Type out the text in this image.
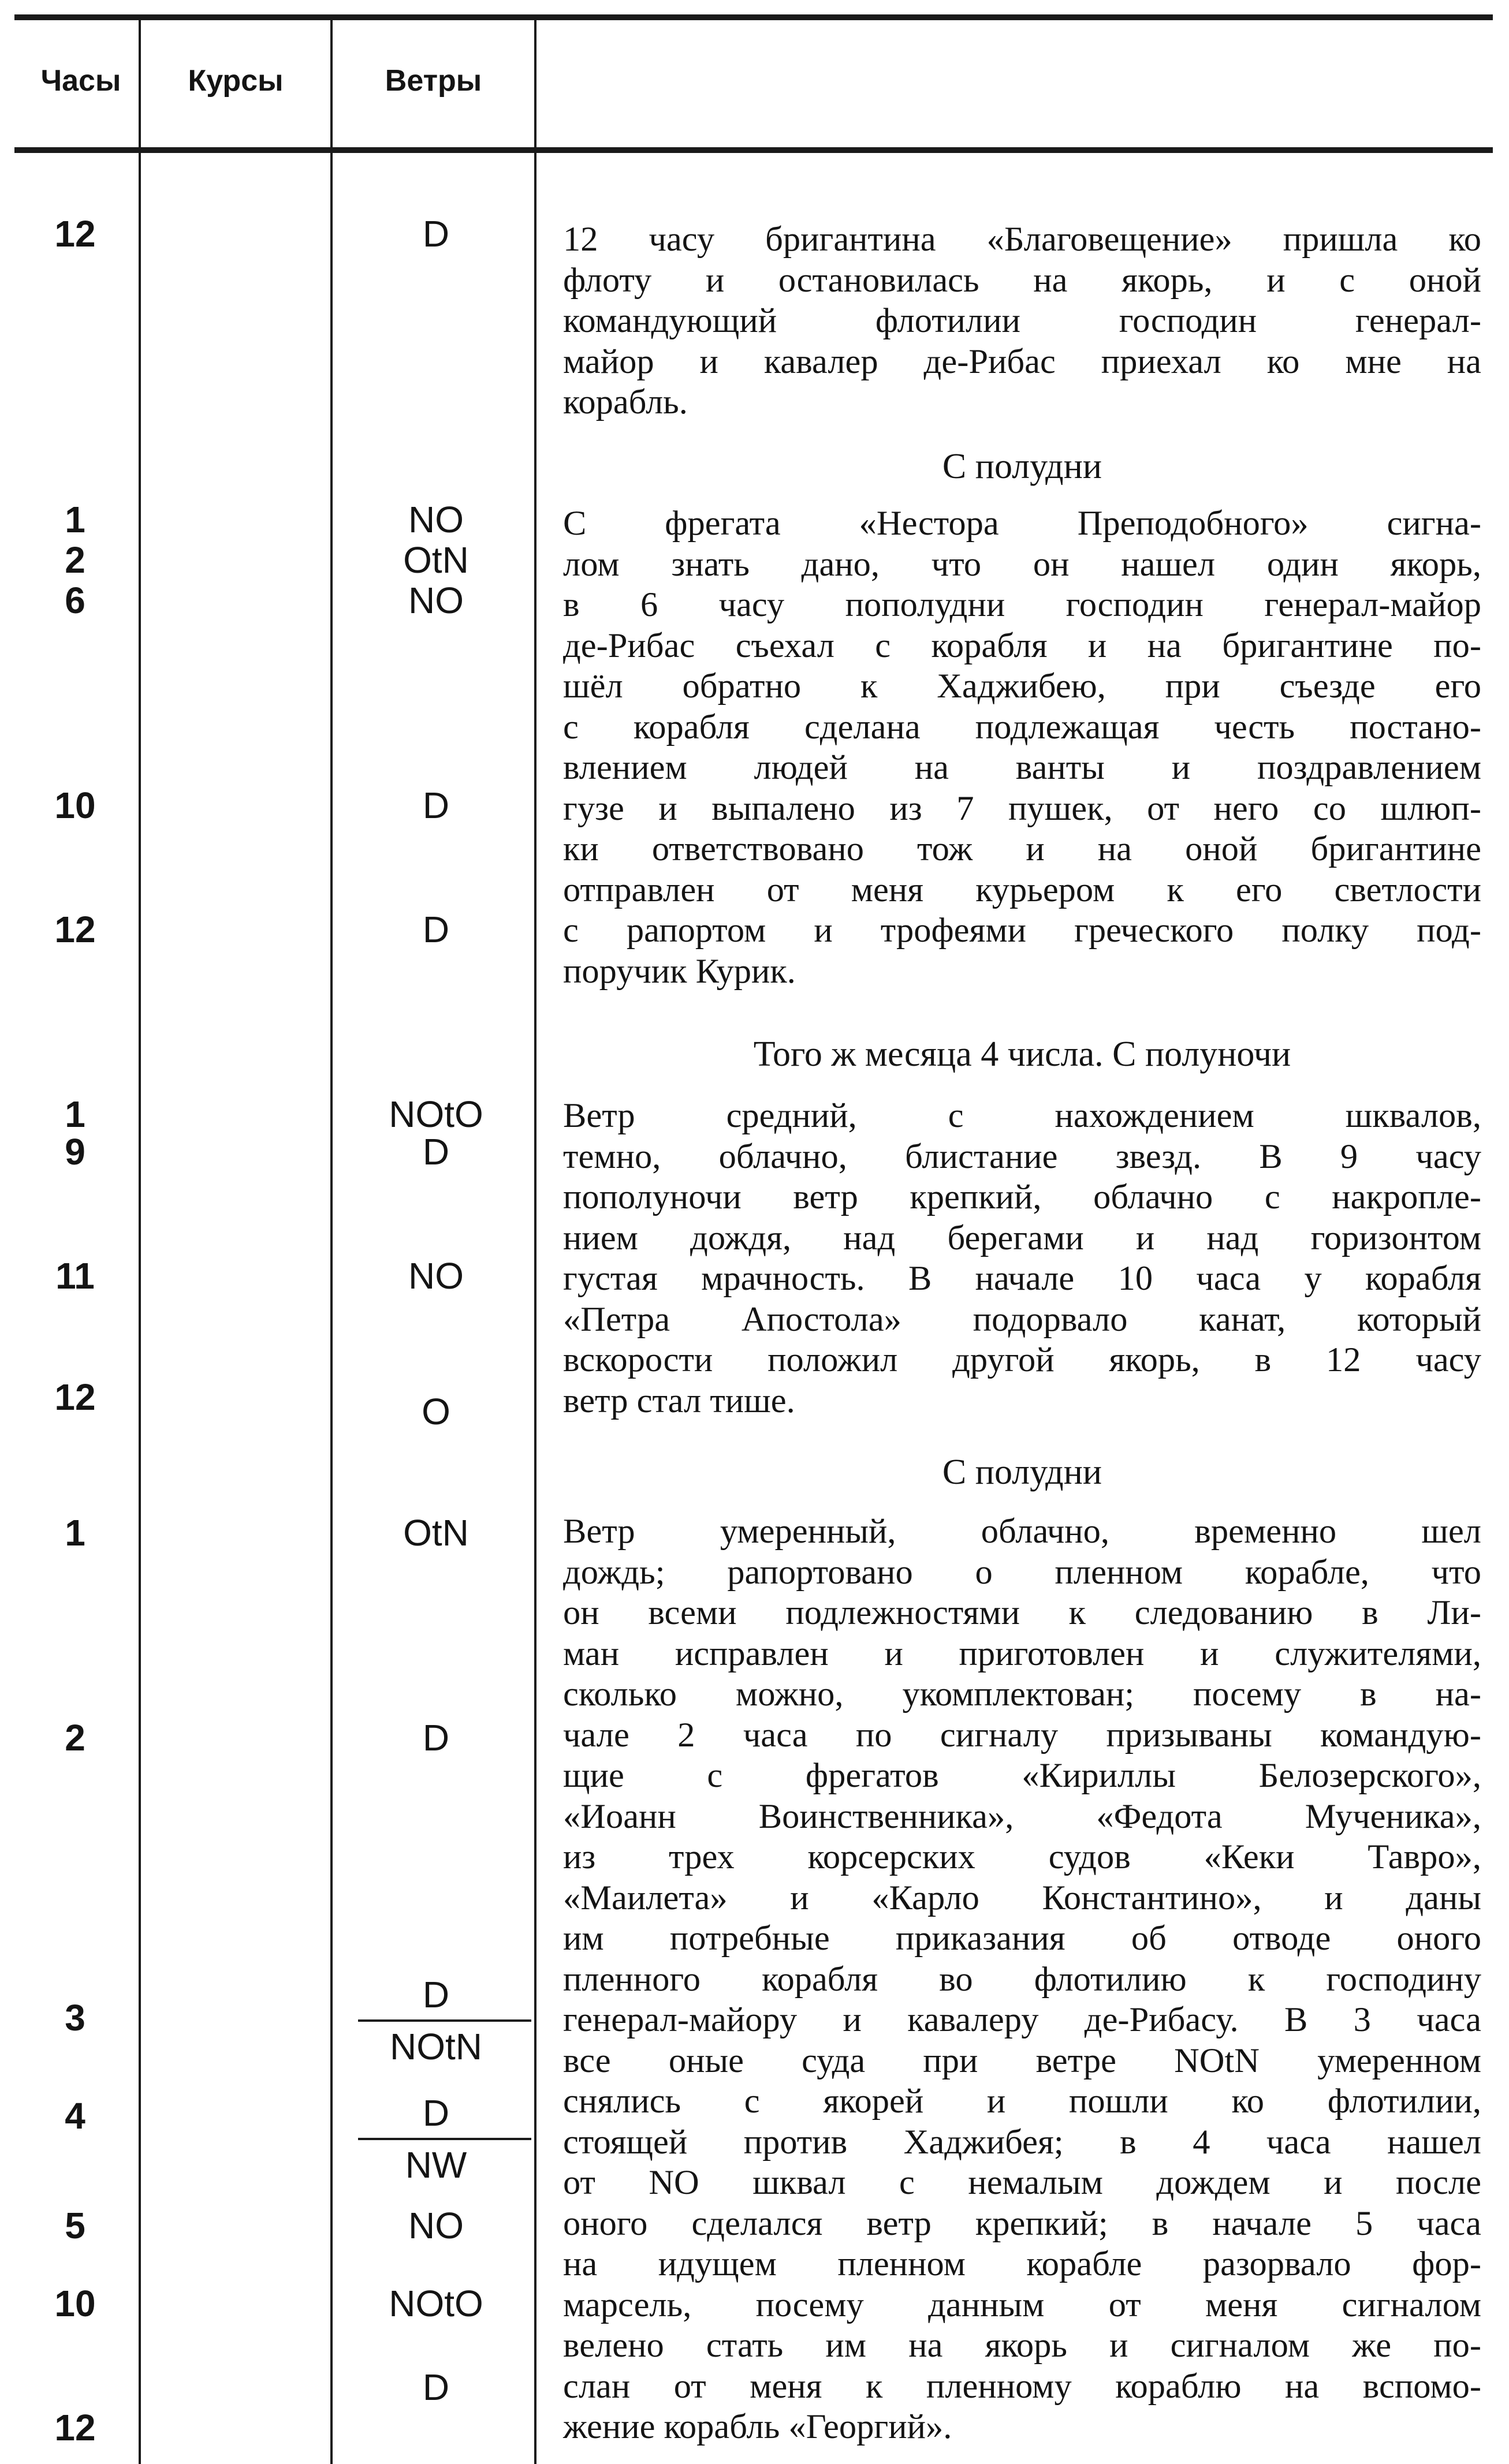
Часы	Курсы	Ветры
12
1
2
6
10
12
1
9
11
12
1
2
3
4
5
10
12
D
NO
OtN
NO
D
D
NOtO
D
NO
O
OtN
D
D
NOtN
D
NW
NO
NOtO
D

12 часу бригантина «Благовещение» пришла ко

флоту и остановилась на якорь, и с оной

командующий флотилии господин генерал-

майор и кавалер де-Рибас приехал ко мне на

корабль.

С полудни

С фрегата «Нестора Преподобного» сигна-

лом знать дано, что он нашел один якорь,

в 6 часу пополудни господин генерал-майор

де-Рибас съехал с корабля и на бригантине по-

шёл обратно к Хаджибею, при съезде его

с корабля сделана подлежащая честь постано-

влением людей на ванты и поздравлением

гузе и выпалено из 7 пушек, от него со шлюп-

ки ответствовано тож и на оной бригантине

отправлен от меня курьером к его светлости

с рапортом и трофеями греческого полку под-

поручик Курик.

Того ж месяца 4 числа. С полуночи

Ветр средний, с нахождением шквалов,

темно, облачно, блистание звезд. В 9 часу

пополуночи ветр крепкий, облачно с накропле-

нием дождя, над берегами и над горизонтом

густая мрачность. В начале 10 часа у корабля

«Петра Апостола» подорвало канат, который

вскорости положил другой якорь, в 12 часу

ветр стал тише.

С полудни

Ветр умеренный, облачно, временно шел

дождь; рапортовано о пленном корабле, что

он всеми подлежностями к следованию в Ли-

ман исправлен и приготовлен и служителями,

сколько можно, укомплектован; посему в на-

чале 2 часа по сигналу призываны командую-

щие с фрегатов «Кириллы Белозерского»,

«Иоанн Воинственника», «Федота Мученика»,

из трех корсерских судов «Кеки Тавро»,

«Маилета» и «Карло Константино», и даны

им потребные приказания об отводе оного

пленного корабля во флотилию к господину

генерал-майору и кавалеру де-Рибасу. В 3 часа

все оные суда при ветре NOtN умеренном

снялись с якорей и пошли ко флотилии,

стоящей против Хаджибея; в 4 часа нашел

от NO шквал с немалым дождем и после

оного сделался ветр крепкий; в начале 5 часа

на идущем пленном корабле разорвало фор-

марсель, посему данным от меня сигналом

велено стать им на якорь и сигналом же по-

слан от меня к пленному кораблю на вспомо-

жение корабль «Георгий».
